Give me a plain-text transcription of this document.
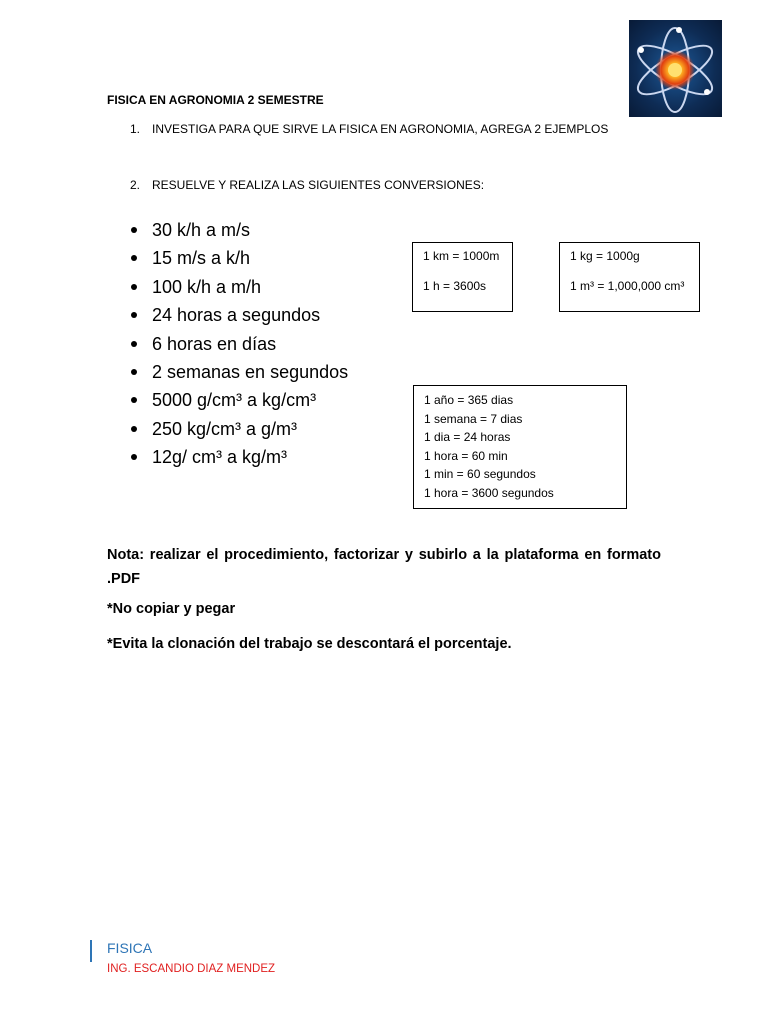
FISICA EN AGRONOMIA 2 SEMESTRE
1. INVESTIGA PARA QUE SIRVE LA FISICA EN AGRONOMIA, AGREGA 2 EJEMPLOS
2. RESUELVE Y REALIZA LAS SIGUIENTES CONVERSIONES:
30 k/h a m/s
15 m/s a k/h
100 k/h a m/h
24 horas a segundos
6 horas en días
2 semanas en segundos
5000 g/cm³ a kg/cm³
250 kg/cm³ a g/m³
12g/ cm³ a kg/m³
1 km = 1000m
1 h = 3600s
1 kg = 1000g
1 m³ = 1,000,000 cm³
1 año = 365 dias
1 semana = 7 dias
1 dia = 24 horas
1 hora = 60 min
1 min = 60 segundos
1 hora = 3600 segundos
Nota: realizar el procedimiento, factorizar y subirlo a la plataforma en formato .PDF
*No copiar y pegar
*Evita la clonación del trabajo se descontará el porcentaje.
FISICA
ING. ESCANDIO DIAZ MENDEZ
